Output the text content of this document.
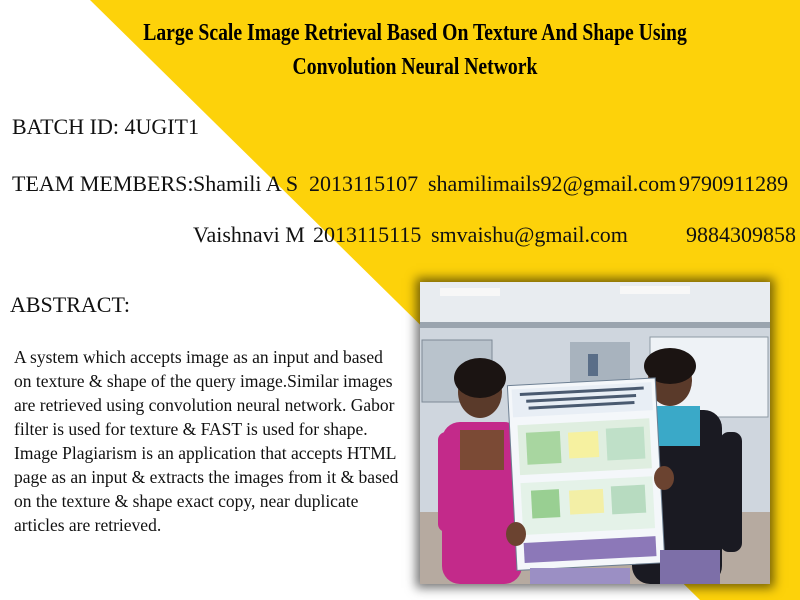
Large Scale Image Retrieval Based On Texture And Shape Using Convolution Neural Network
BATCH ID: 4UGIT1
TEAM MEMBERS: Shamili A S 2013115107 shamilimails92@gmail.com 9790911289
Vaishnavi M 2013115115 smvaishu@gmail.com	9884309858
ABSTRACT:
A system which accepts image as an input and based on texture & shape of the query image.Similar images are retrieved using convolution neural network. Gabor filter is used for texture & FAST is used for shape. Image Plagiarism is an application that accepts HTML page as an input & extracts the images from it & based on the texture & shape exact copy, near duplicate articles are retrieved.
